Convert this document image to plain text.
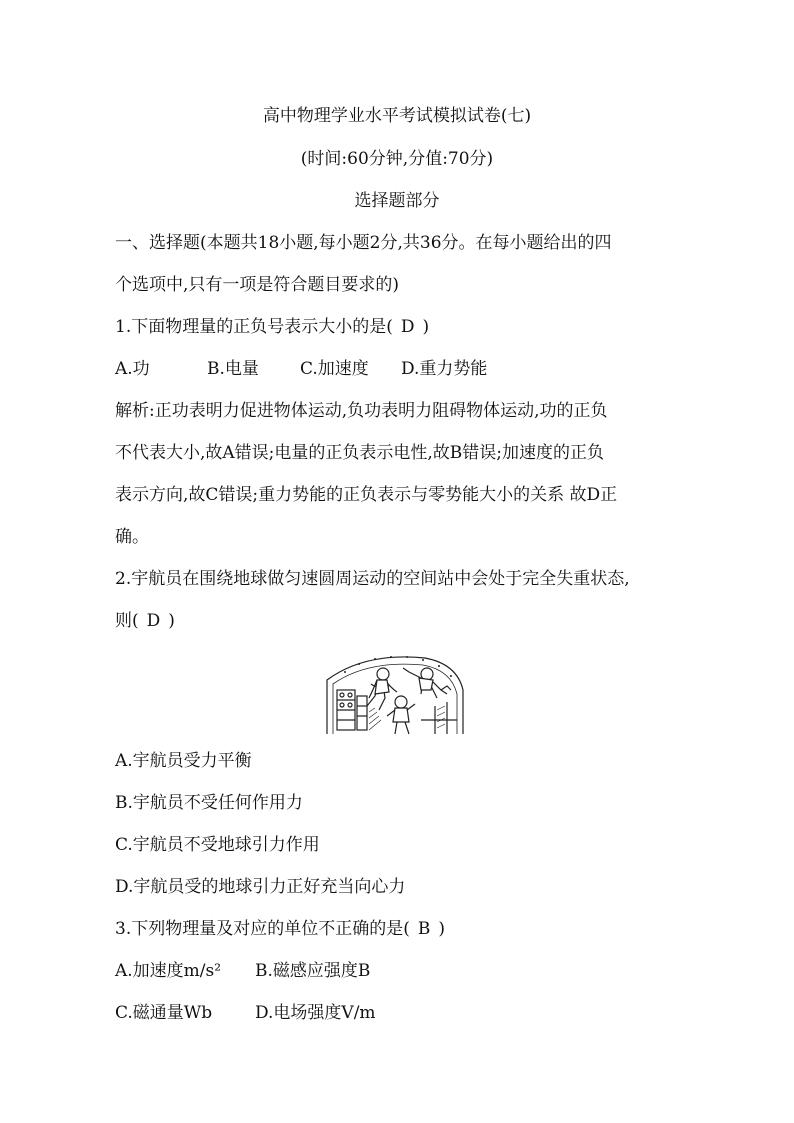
高中物理学业水平考试模拟试卷(七)
(时间:60分钟,分值:70分)
选择题部分
一、选择题(本题共18小题,每小题2分,共36分。在每小题给出的四
个选项中,只有一项是符合题目要求的)
1.下面物理量的正负号表示大小的是( D )
A.功	B.电量 C.加速度 D.重力势能
解析:正功表明力促进物体运动,负功表明力阻碍物体运动,功的正负
不代表大小,故A错误;电量的正负表示电性,故B错误;加速度的正负
表示方向,故C错误;重力势能的正负表示与零势能大小的关系 故D正
确。
2.宇航员在围绕地球做匀速圆周运动的空间站中会处于完全失重状态,
则( D )
A.宇航员受力平衡
B.宇航员不受任何作用力
C.宇航员不受地球引力作用
D.宇航员受的地球引力正好充当向心力
3.下列物理量及对应的单位不正确的是( B )
A.加速度m/s² B.磁感应强度B
C.磁通量Wb	D.电场强度V/m
